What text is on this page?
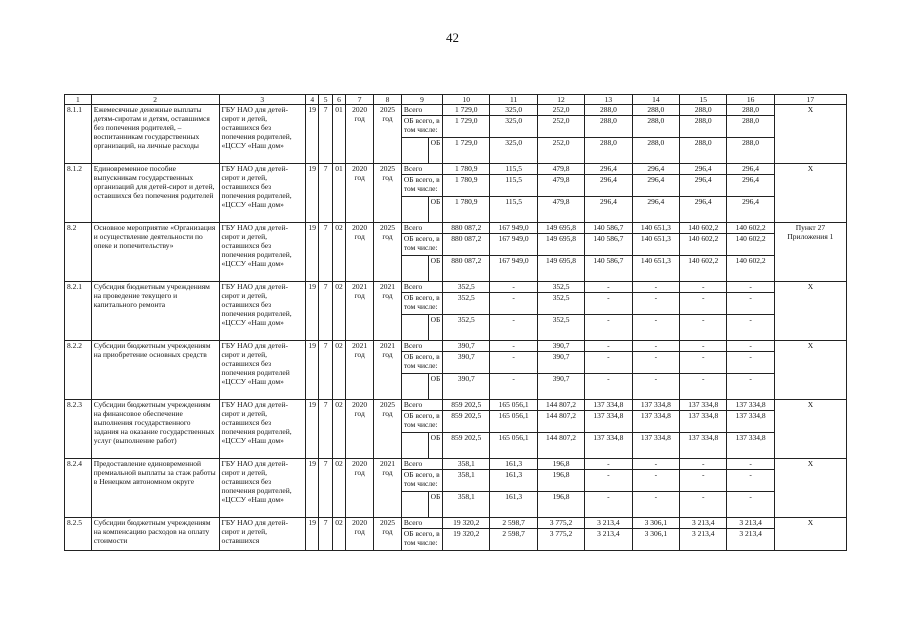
42
1	2	3	4	5	6	7	8	9		10	11	12	13	14	15	16	17
8.1.1	Ежемесячные денежные выплаты детям-сиротам и детям, оставшимся без попечения родителей, – воспитанникам государственных организаций, на личные расходы	ГБУ НАО для детей-сирот и детей, оставшихся без попечения родителей, «ЦССУ «Наш дом»	19	7	01	2020 год	2025 год	Всего		1 729,0	325,0	252,0	288,0	288,0	288,0	288,0	X
								ОБ всего, в том числе:		1 729,0	325,0	252,0	288,0	288,0	288,0	288,0	
									ОБ	1 729,0	325,0	252,0	288,0	288,0	288,0	288,0	
8.1.2	Единовременное пособие выпускникам государственных организаций для детей-сирот и детей, оставшихся без попечения родителей	ГБУ НАО для детей-сирот и детей, оставшихся без попечения родителей, «ЦССУ «Наш дом»	19	7	01	2020 год	2025 год	Всего		1 780,9	115,5	479,8	296,4	296,4	296,4	296,4	X
								ОБ всего, в том числе:		1 780,9	115,5	479,8	296,4	296,4	296,4	296,4	
									ОБ	1 780,9	115,5	479,8	296,4	296,4	296,4	296,4	
8.2	Основное мероприятие «Организация и осуществление деятельности по опеке и попечительству»	ГБУ НАО для детей-сирот и детей, оставшихся без попечения родителей, «ЦССУ «Наш дом»	19	7	02	2020 год	2025 год	Всего		880 087,2	167 949,0	149 695,8	140 586,7	140 651,3	140 602,2	140 602,2	Пункт 27 Приложения 1
								ОБ всего, в том числе:		880 087,2	167 949,0	149 695,8	140 586,7	140 651,3	140 602,2	140 602,2	
									ОБ	880 087,2	167 949,0	149 695,8	140 586,7	140 651,3	140 602,2	140 602,2	
8.2.1	Субсидия бюджетным учреждениям на проведение текущего и капитального ремонта	ГБУ НАО для детей-сирот и детей, оставшихся без попечения родителей, «ЦССУ «Наш дом»	19	7	02	2021 год	2021 год	Всего		352,5	-	352,5	-	-	-	-	X
								ОБ всего, в том числе:		352,5	-	352,5	-	-	-	-	
									ОБ	352,5	-	352,5	-	-	-	-	
8.2.2	Субсидии бюджетным учреждениям на приобретение основных средств	ГБУ НАО для детей-сирот и детей, оставшихся без попечения родителей «ЦССУ «Наш дом»	19	7	02	2021 год	2021 год	Всего		390,7	-	390,7	-	-	-	-	X
								ОБ всего, в том числе:		390,7	-	390,7	-	-	-	-	
									ОБ	390,7	-	390,7	-	-	-	-	
8.2.3	Субсидии бюджетным учреждениям на финансовое обеспечение выполнения государственного задания на оказание государственных услуг (выполнение работ)	ГБУ НАО для детей-сирот и детей, оставшихся без попечения родителей, «ЦССУ «Наш дом»	19	7	02	2020 год	2025 год	Всего		859 202,5	165 056,1	144 807,2	137 334,8	137 334,8	137 334,8	137 334,8	X
								ОБ всего, в том числе:		859 202,5	165 056,1	144 807,2	137 334,8	137 334,8	137 334,8	137 334,8	
									ОБ	859 202,5	165 056,1	144 807,2	137 334,8	137 334,8	137 334,8	137 334,8	
8.2.4	Предоставление единовременной премиальной выплаты за стаж работы в Ненецком автономном округе	ГБУ НАО для детей-сирот и детей, оставшихся без попечения родителей, «ЦССУ «Наш дом»	19	7	02	2020 год	2021 год	Всего		358,1	161,3	196,8	-	-	-	-	X
								ОБ всего, в том числе:		358,1	161,3	196,8	-	-	-	-	
									ОБ	358,1	161,3	196,8	-	-	-	-	
8.2.5	Субсидии бюджетным учреждениям на компенсацию расходов на оплату стоимости	ГБУ НАО для детей-сирот и детей, оставшихся	19	7	02	2020 год	2025 год	Всего		19 320,2	2 598,7	3 775,2	3 213,4	3 306,1	3 213,4	3 213,4	X
								ОБ всего, в том числе:		19 320,2	2 598,7	3 775,2	3 213,4	3 306,1	3 213,4	3 213,4	
